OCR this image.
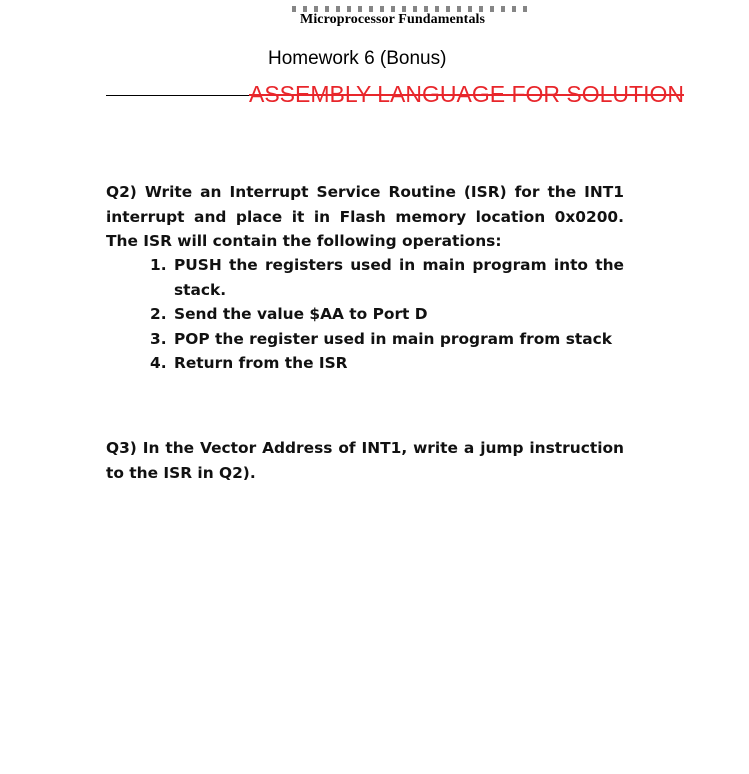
Microprocessor Fundamentals
Homework 6 (Bonus)
ASSEMBLY LANGUAGE FOR SOLUTION
Q2) Write an Interrupt Service Routine (ISR) for the INT1 interrupt and place it in Flash memory location 0x0200. The ISR will contain the following operations:
1. PUSH the registers used in main program into the stack.
2. Send the value $AA to Port D
3. POP the register used in main program from stack
4. Return from the ISR
Q3) In the Vector Address of INT1, write a jump instruction to the ISR in Q2).
